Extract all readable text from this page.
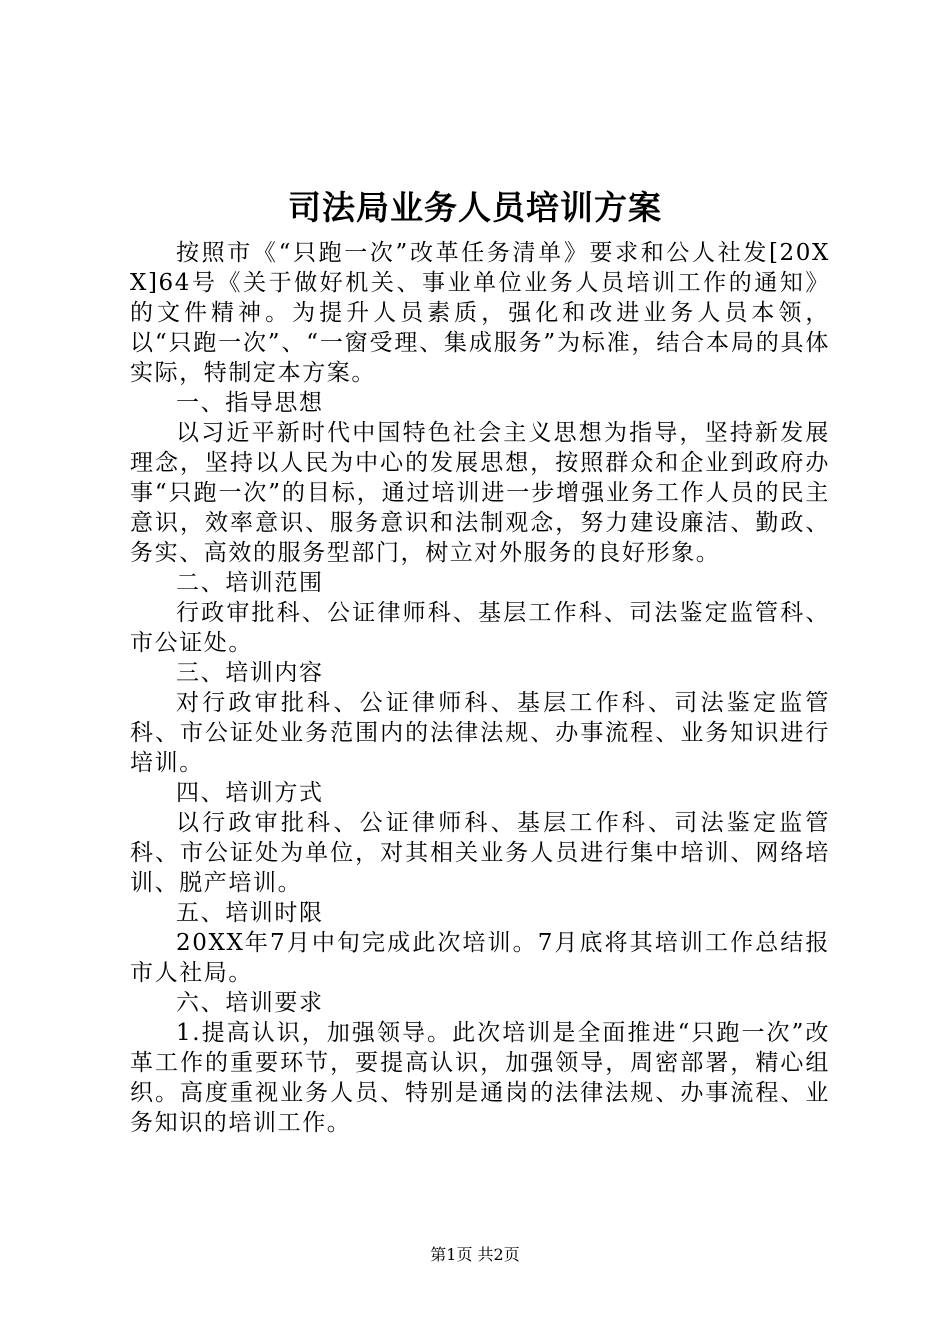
司法局业务人员培训方案

按照市《“只跑一次”改革任务清单》要求和公人社发[20XX]64号《关于做好机关、事业单位业务人员培训工作的通知》的文件精神。为提升人员素质，强化和改进业务人员本领，以“只跑一次”、“一窗受理、集成服务”为标准，结合本局的具体实际，特制定本方案。

一、指导思想

以习近平新时代中国特色社会主义思想为指导，坚持新发展理念，坚持以人民为中心的发展思想，按照群众和企业到政府办事“只跑一次”的目标，通过培训进一步增强业务工作人员的民主意识，效率意识、服务意识和法制观念，努力建设廉洁、勤政、务实、高效的服务型部门，树立对外服务的良好形象。

二、培训范围

行政审批科、公证律师科、基层工作科、司法鉴定监管科、市公证处。

三、培训内容

对行政审批科、公证律师科、基层工作科、司法鉴定监管科、市公证处业务范围内的法律法规、办事流程、业务知识进行培训。

四、培训方式

以行政审批科、公证律师科、基层工作科、司法鉴定监管科、市公证处为单位，对其相关业务人员进行集中培训、网络培训、脱产培训。

五、培训时限

20XX年7月中旬完成此次培训。7月底将其培训工作总结报市人社局。

六、培训要求

1.提高认识，加强领导。此次培训是全面推进“只跑一次”改革工作的重要环节，要提高认识，加强领导，周密部署，精心组织。高度重视业务人员、特别是通岗的法律法规、办事流程、业务知识的培训工作。

第1页 共2页
